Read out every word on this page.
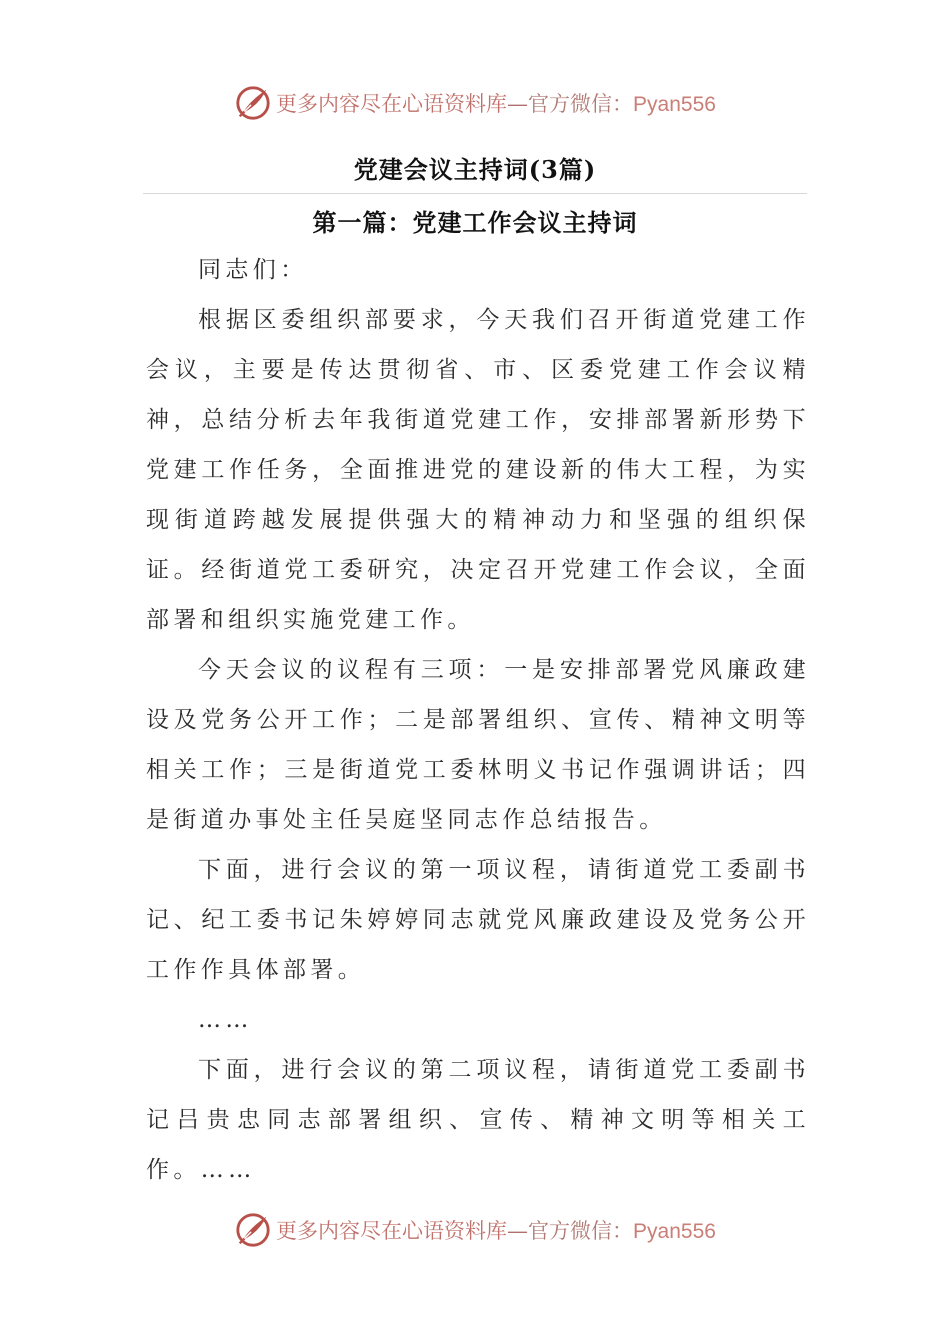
更多内容尽在心语资料库—官方微信：Pyan556
党建会议主持词(3篇)
第一篇：党建工作会议主持词

同志们：

根据区委组织部要求，今天我们召开街道党建工作会议，主要是传达贯彻省、市、区委党建工作会议精神，总结分析去年我街道党建工作，安排部署新形势下党建工作任务，全面推进党的建设新的伟大工程，为实现街道跨越发展提供强大的精神动力和坚强的组织保证。经街道党工委研究，决定召开党建工作会议，全面部署和组织实施党建工作。

今天会议的议程有三项：一是安排部署党风廉政建设及党务公开工作；二是部署组织、宣传、精神文明等相关工作；三是街道党工委林明义书记作强调讲话；四是街道办事处主任吴庭坚同志作总结报告。

下面，进行会议的第一项议程，请街道党工委副书记、纪工委书记朱婷婷同志就党风廉政建设及党务公开工作作具体部署。

……

下面，进行会议的第二项议程，请街道党工委副书记吕贵忠同志部署组织、宣传、精神文明等相关工作。……

更多内容尽在心语资料库—官方微信：Pyan556
